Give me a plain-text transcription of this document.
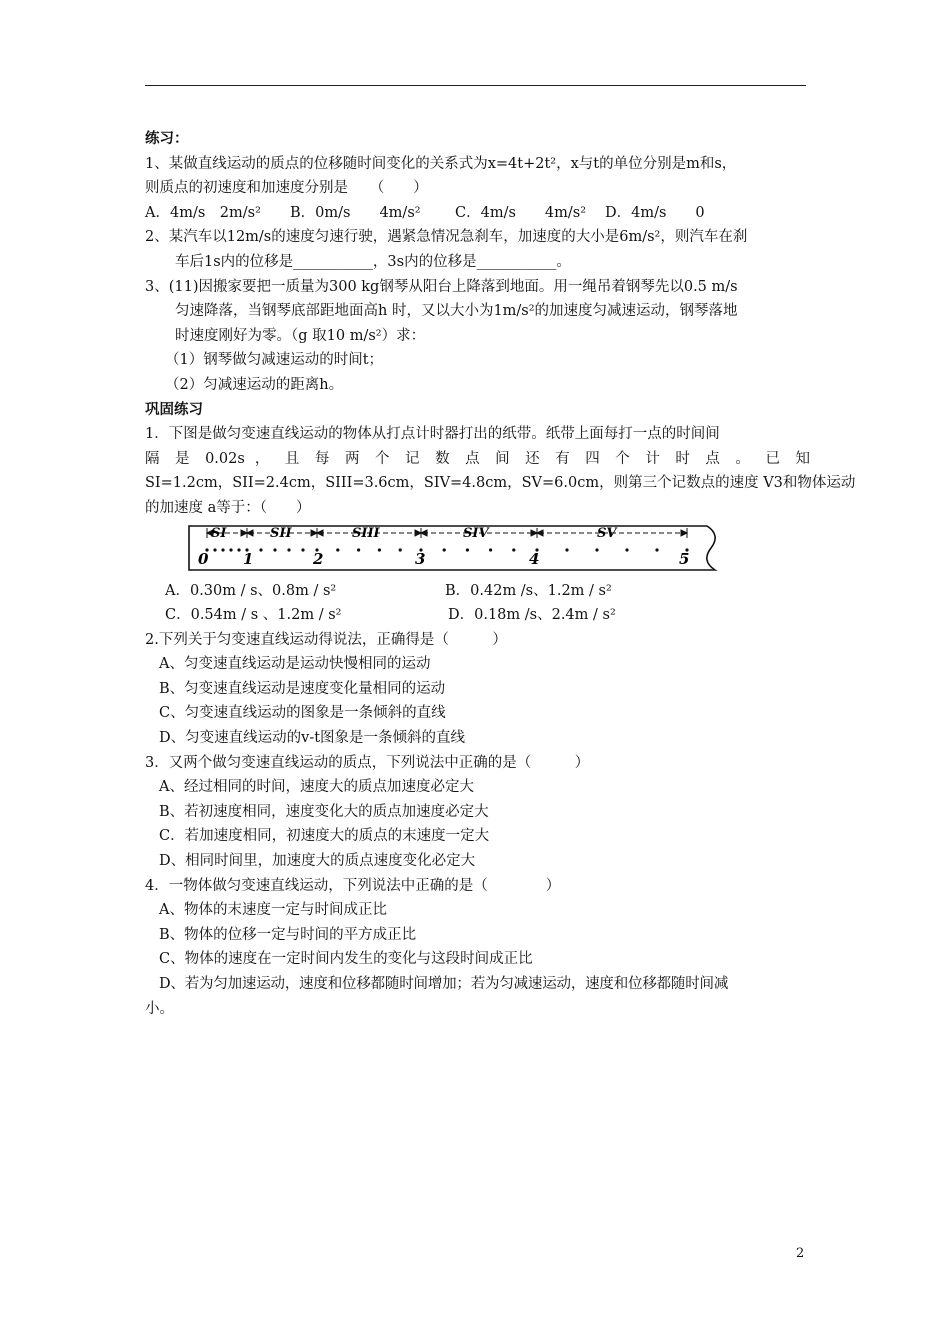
练习：
1、某做直线运动的质点的位移随时间变化的关系式为x=4t+2t²，x与t的单位分别是m和s，
则质点的初速度和加速度分别是　　（　　）
A．4m/s　2m/s²	B．0m/s　　4m/s²	C．4m/s　　4m/s²	D．4m/s　　0
2、某汽车以12m/s的速度匀速行驶，遇紧急情况急刹车，加速度的大小是6m/s²，则汽车在刹
车后1s内的位移是___________，3s内的位移是___________。
3、(11)因搬家要把一质量为300 kg钢琴从阳台上降落到地面。用一绳吊着钢琴先以0.5 m/s
匀速降落，当钢琴底部距地面高h 时，又以大小为1m/s²的加速度匀减速运动，钢琴落地
时速度刚好为零。（g 取10 m/s²）求：
（1）钢琴做匀减速运动的时间t；
（2）匀减速运动的距离h。
巩固练习
1．下图是做匀变速直线运动的物体从打点计时器打出的纸带。纸带上面每打一点的时间间
隔 是 0.02s ， 且 每 两 个 记 数 点 间 还 有 四 个 计 时 点 。 已 知
SI=1.2cm，SII=2.4cm，SIII=3.6cm，SIV=4.8cm，SV=6.0cm，则第三个记数点的速度 V3和物体运动
的加速度 a等于：（　　）
SI	SII	SIII	SIV	SV
0 1	2	3	4	5
A．0.30m / s、0.8m / s²	B．0.42m /s、1.2m / s²
C．0.54m / s 、1.2m / s²	D．0.18m /s、2.4m / s²
2.下列关于匀变速直线运动得说法，正确得是（　　　）
A、匀变速直线运动是运动快慢相同的运动
B、匀变速直线运动是速度变化量相同的运动
C、匀变速直线运动的图象是一条倾斜的直线
D、匀变速直线运动的v-t图象是一条倾斜的直线
3．又两个做匀变速直线运动的质点，下列说法中正确的是（　　　）
A、经过相同的时间，速度大的质点加速度必定大
B、若初速度相同，速度变化大的质点加速度必定大
C．若加速度相同，初速度大的质点的末速度一定大
D、相同时间里，加速度大的质点速度变化必定大
4．一物体做匀变速直线运动，下列说法中正确的是（　　　　）
A、物体的末速度一定与时间成正比
B、物体的位移一定与时间的平方成正比
C、物体的速度在一定时间内发生的变化与这段时间成正比
D、若为匀加速运动，速度和位移都随时间增加；若为匀减速运动，速度和位移都随时间减
小。
2
